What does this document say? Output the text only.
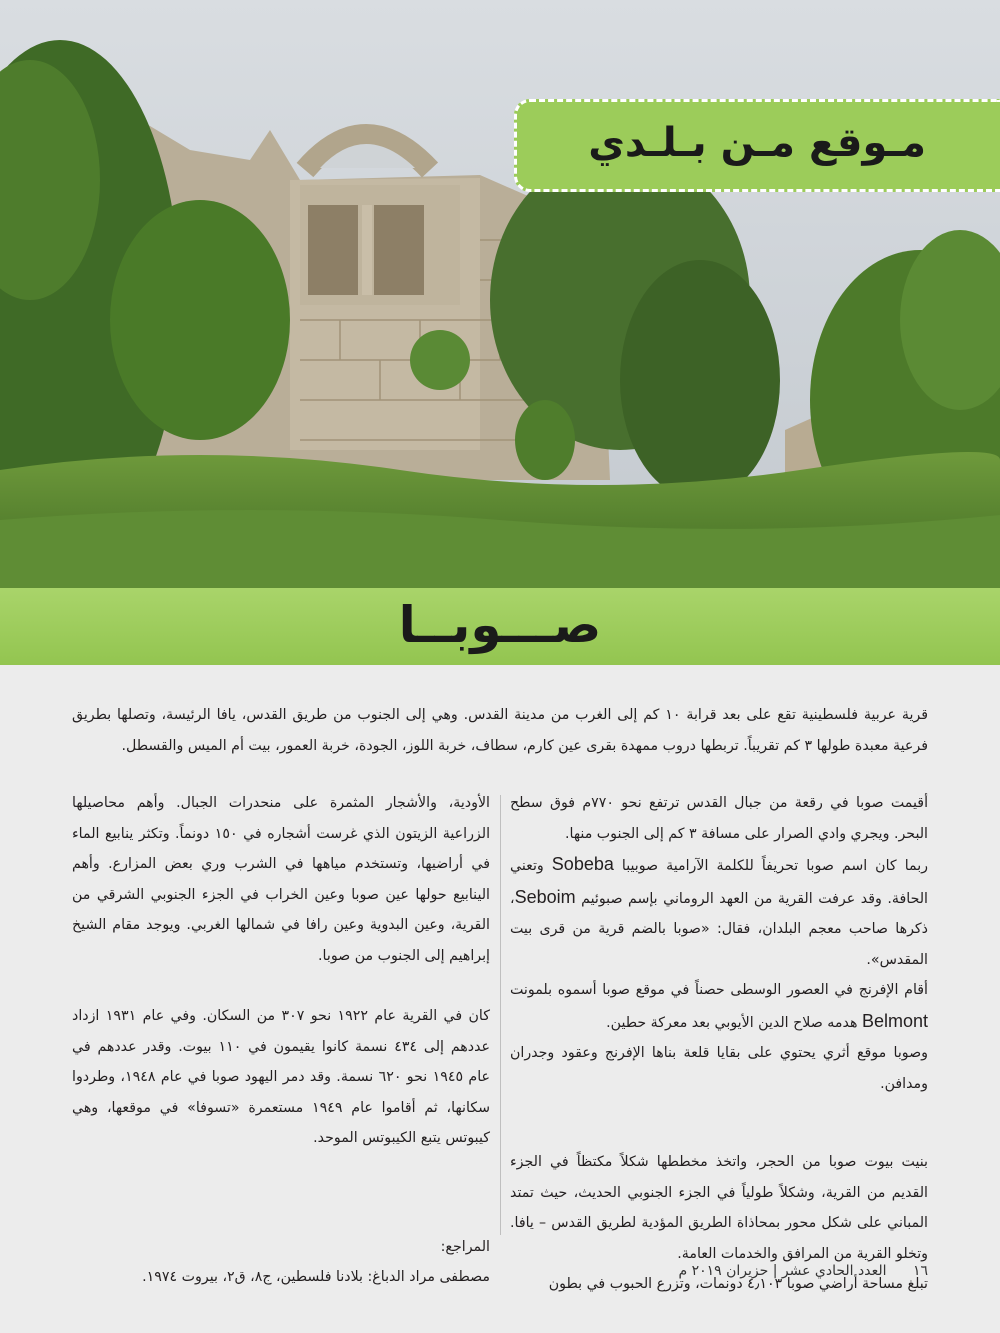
مـوقع مـن بـلـدي
صـــوبــا
قرية عربية فلسطينية تقع على بعد قرابة ١٠ كم إلى الغرب من مدينة القدس. وهي إلى الجنوب من طريق القدس، يافا الرئيسة، وتصلها بطريق فرعية معبدة طولها ٣ كم تقريباً. تربطها دروب ممهدة بقرى عين كارم، سطاف، خربة اللوز، الجودة، خربة العمور، بيت أم الميس والقسطل.

أقيمت صوبا في رقعة من جبال القدس ترتفع نحو ٧٧٠م فوق سطح البحر. ويجري وادي الصرار على مسافة ٣ كم إلى الجنوب منها.

ربما كان اسم صوبا تحريفاً للكلمة الآرامية صوبيبا Sobeba وتعني الحافة. وقد عرفت القرية من العهد الروماني بإسم صبوئيم Seboim، ذكرها صاحب معجم البلدان، فقال: «صوبا بالضم قرية من قرى بيت المقدس».

أقام الإفرنج في العصور الوسطى حصناً في موقع صوبا أسموه بلمونت Belmont هدمه صلاح الدين الأيوبي بعد معركة حطين.

وصوبا موقع أثري يحتوي على بقايا قلعة بناها الإفرنج وعقود وجدران ومدافن.

بنيت بيوت صوبا من الحجر، واتخذ مخططها شكلاً مكتظاً في الجزء القديم من القرية، وشكلاً طولياً في الجزء الجنوبي الحديث، حيث تمتد المباني على شكل محور بمحاذاة الطريق المؤدية لطريق القدس – يافا. وتخلو القرية من المرافق والخدمات العامة.

تبلغ مساحة أراضي صوبا ٤٫١٠٣ دونمات، وتزرع الحبوب في بطون

الأودية، والأشجار المثمرة على منحدرات الجبال. وأهم محاصيلها الزراعية الزيتون الذي غرست أشجاره في ١٥٠ دونماً. وتكثر ينابيع الماء في أراضيها، وتستخدم مياهها في الشرب وري بعض المزارع. وأهم الينابيع حولها عين صوبا وعين الخراب في الجزء الجنوبي الشرقي من القرية، وعين البدوية وعين رافا في شمالها الغربي. ويوجد مقام الشيخ إبراهيم إلى الجنوب من صوبا.

كان في القرية عام ١٩٢٢ نحو ٣٠٧ من السكان. وفي عام ١٩٣١ ازداد عددهم إلى ٤٣٤ نسمة كانوا يقيمون في ١١٠ بيوت. وقدر عددهم في عام ١٩٤٥ نحو ٦٢٠ نسمة. وقد دمر اليهود صوبا في عام ١٩٤٨، وطردوا سكانها، ثم أقاموا عام ١٩٤٩ مستعمرة «تسوفا» في موقعها، وهي كيبوتس يتبع الكيبوتس الموحد.

المراجع:

مصطفى مراد الدباغ: بلادنا فلسطين، ج٨، ق٢، بيروت ١٩٧٤.	١٦ العدد الحادي عشر | حزيران ٢٠١٩ م
